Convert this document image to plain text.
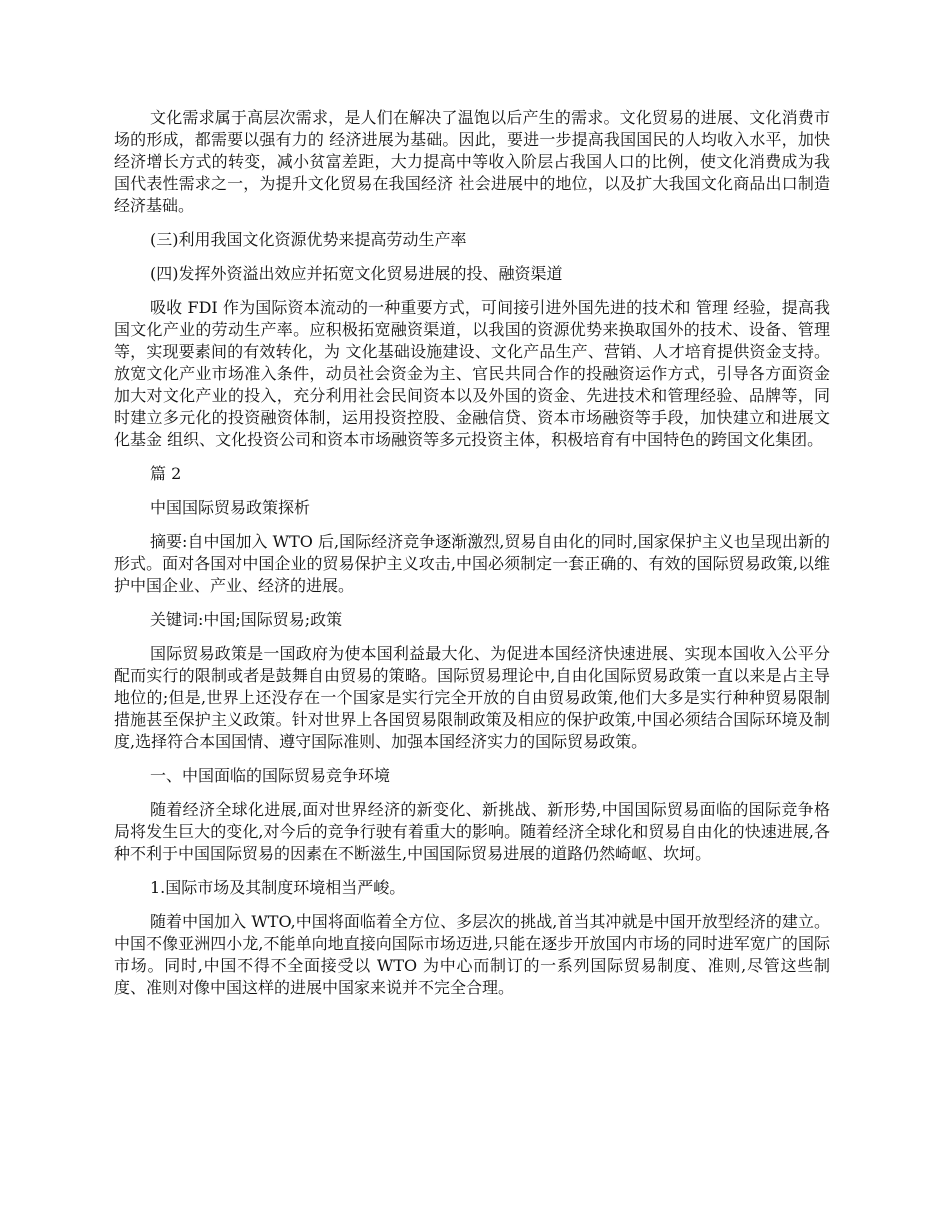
文化需求属于高层次需求，是人们在解决了温饱以后产生的需求。文化贸易的进展、文化消费市场的形成，都需要以强有力的 经济进展为基础。因此，要进一步提高我国国民的人均收入水平，加快经济增长方式的转变，减小贫富差距，大力提高中等收入阶层占我国人口的比例，使文化消费成为我国代表性需求之一，为提升文化贸易在我国经济 社会进展中的地位，以及扩大我国文化商品出口制造经济基础。

(三)利用我国文化资源优势来提高劳动生产率

(四)发挥外资溢出效应并拓宽文化贸易进展的投、融资渠道

吸收 FDI 作为国际资本流动的一种重要方式，可间接引进外国先进的技术和 管理 经验，提高我国文化产业的劳动生产率。应积极拓宽融资渠道，以我国的资源优势来换取国外的技术、设备、管理等，实现要素间的有效转化，为 文化基础设施建设、文化产品生产、营销、人才培育提供资金支持。放宽文化产业市场准入条件，动员社会资金为主、官民共同合作的投融资运作方式，引导各方面资金加大对文化产业的投入，充分利用社会民间资本以及外国的资金、先进技术和管理经验、品牌等，同时建立多元化的投资融资体制，运用投资控股、金融信贷、资本市场融资等手段，加快建立和进展文化基金 组织、文化投资公司和资本市场融资等多元投资主体，积极培育有中国特色的跨国文化集团。

篇 2

中国国际贸易政策探析

摘要:自中国加入 WTO 后,国际经济竞争逐渐激烈,贸易自由化的同时,国家保护主义也呈现出新的形式。面对各国对中国企业的贸易保护主义攻击,中国必须制定一套正确的、有效的国际贸易政策,以维护中国企业、产业、经济的进展。

关键词:中国;国际贸易;政策

国际贸易政策是一国政府为使本国利益最大化、为促进本国经济快速进展、实现本国收入公平分配而实行的限制或者是鼓舞自由贸易的策略。国际贸易理论中,自由化国际贸易政策一直以来是占主导地位的;但是,世界上还没存在一个国家是实行完全开放的自由贸易政策,他们大多是实行种种贸易限制措施甚至保护主义政策。针对世界上各国贸易限制政策及相应的保护政策,中国必须结合国际环境及制度,选择符合本国国情、遵守国际准则、加强本国经济实力的国际贸易政策。

一、中国面临的国际贸易竞争环境

随着经济全球化进展,面对世界经济的新变化、新挑战、新形势,中国国际贸易面临的国际竞争格局将发生巨大的变化,对今后的竞争行驶有着重大的影响。随着经济全球化和贸易自由化的快速进展,各种不利于中国国际贸易的因素在不断滋生,中国国际贸易进展的道路仍然崎岖、坎坷。

1.国际市场及其制度环境相当严峻。

随着中国加入 WTO,中国将面临着全方位、多层次的挑战,首当其冲就是中国开放型经济的建立。中国不像亚洲四小龙,不能单向地直接向国际市场迈进,只能在逐步开放国内市场的同时进军宽广的国际市场。同时,中国不得不全面接受以 WTO 为中心而制订的一系列国际贸易制度、准则,尽管这些制度、准则对像中国这样的进展中国家来说并不完全合理。
